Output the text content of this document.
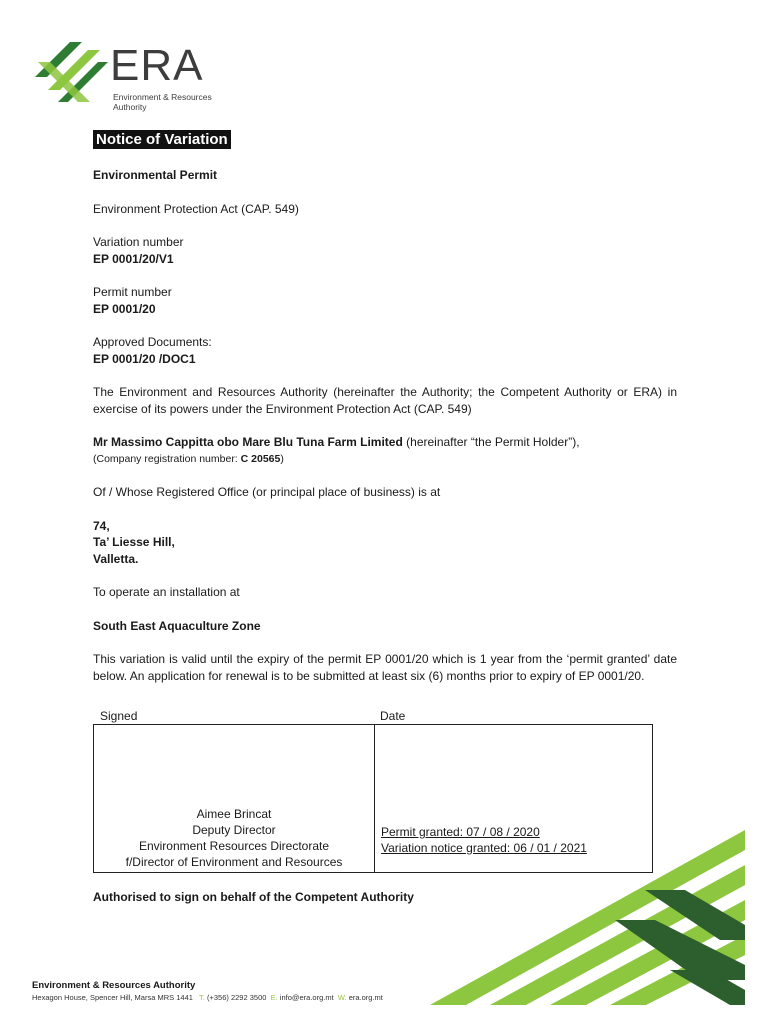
ERA
Environment & Resources Authority
Notice of Variation

Environmental Permit

Environment Protection Act (CAP. 549)

Variation number

EP 0001/20/V1

Permit number

EP 0001/20

Approved Documents:

EP 0001/20 /DOC1

The Environment and Resources Authority (hereinafter the Authority; the Competent Authority or ERA) in exercise of its powers under the Environment Protection Act (CAP. 549)

Mr Massimo Cappitta obo Mare Blu Tuna Farm Limited (hereinafter “the Permit Holder”),

(Company registration number: C 20565)

Of / Whose Registered Office (or principal place of business) is at

74,

Ta’ Liesse Hill,

Valletta.

To operate an installation at

South East Aquaculture Zone

This variation is valid until the expiry of the permit EP 0001/20 which is 1 year from the ‘permit granted’ date below. An application for renewal is to be submitted at least six (6) months prior to expiry of EP 0001/20.

Signed	Date
Aimee Brincat
Deputy Director
Environment Resources Directorate
f/Director of Environment and Resources
Permit granted: 07 / 08 / 2020
Variation notice granted: 06 / 01 / 2021
Authorised to sign on behalf of the Competent Authority
Environment & Resources Authority
Hexagon House, Spencer Hill, Marsa MRS 1441 T. (+356) 2292 3500 E. info@era.org.mt W. era.org.mt
